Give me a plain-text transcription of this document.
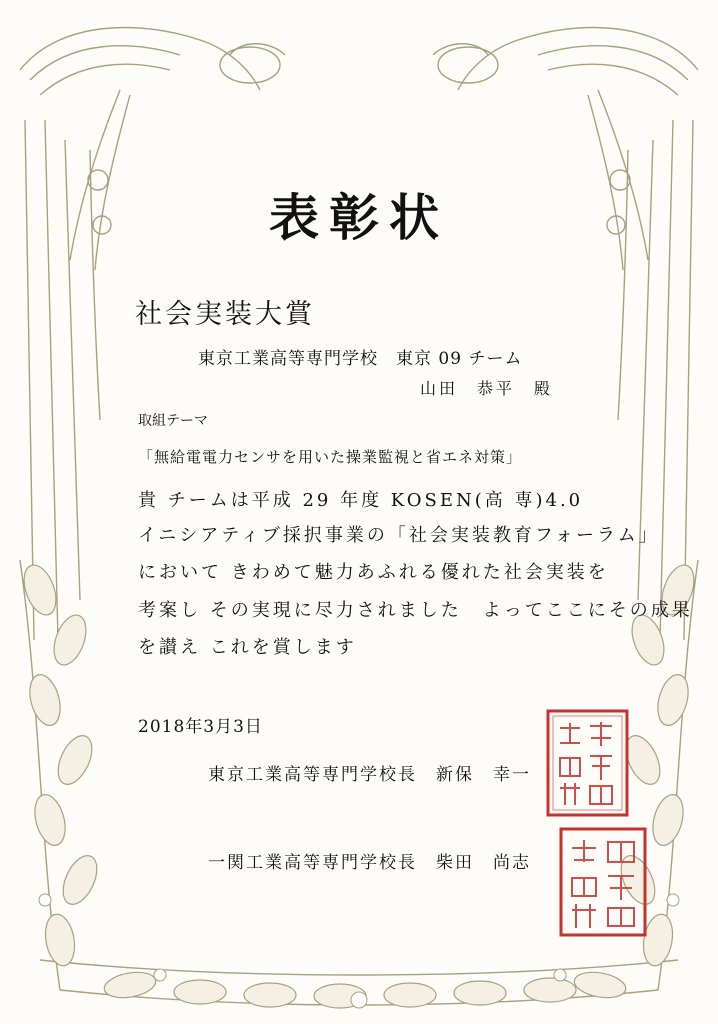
表彰状
社会実装大賞
東京工業高等専門学校　東京 09 チーム
山田　恭平　殿
取組テーマ
「無給電電力センサを用いた操業監視と省エネ対策」
貴 チームは平成 29 年度 KOSEN(高 専)4.0
イニシアティブ採択事業の「社会実装教育フォーラム」
において きわめて魅力あふれる優れた社会実装を
考案し その実現に尽力されました　よってここにその成果
を讃え これを賞します
2018年3月3日
東京工業高等専門学校長　新保　幸一
一関工業高等専門学校長　柴田　尚志
